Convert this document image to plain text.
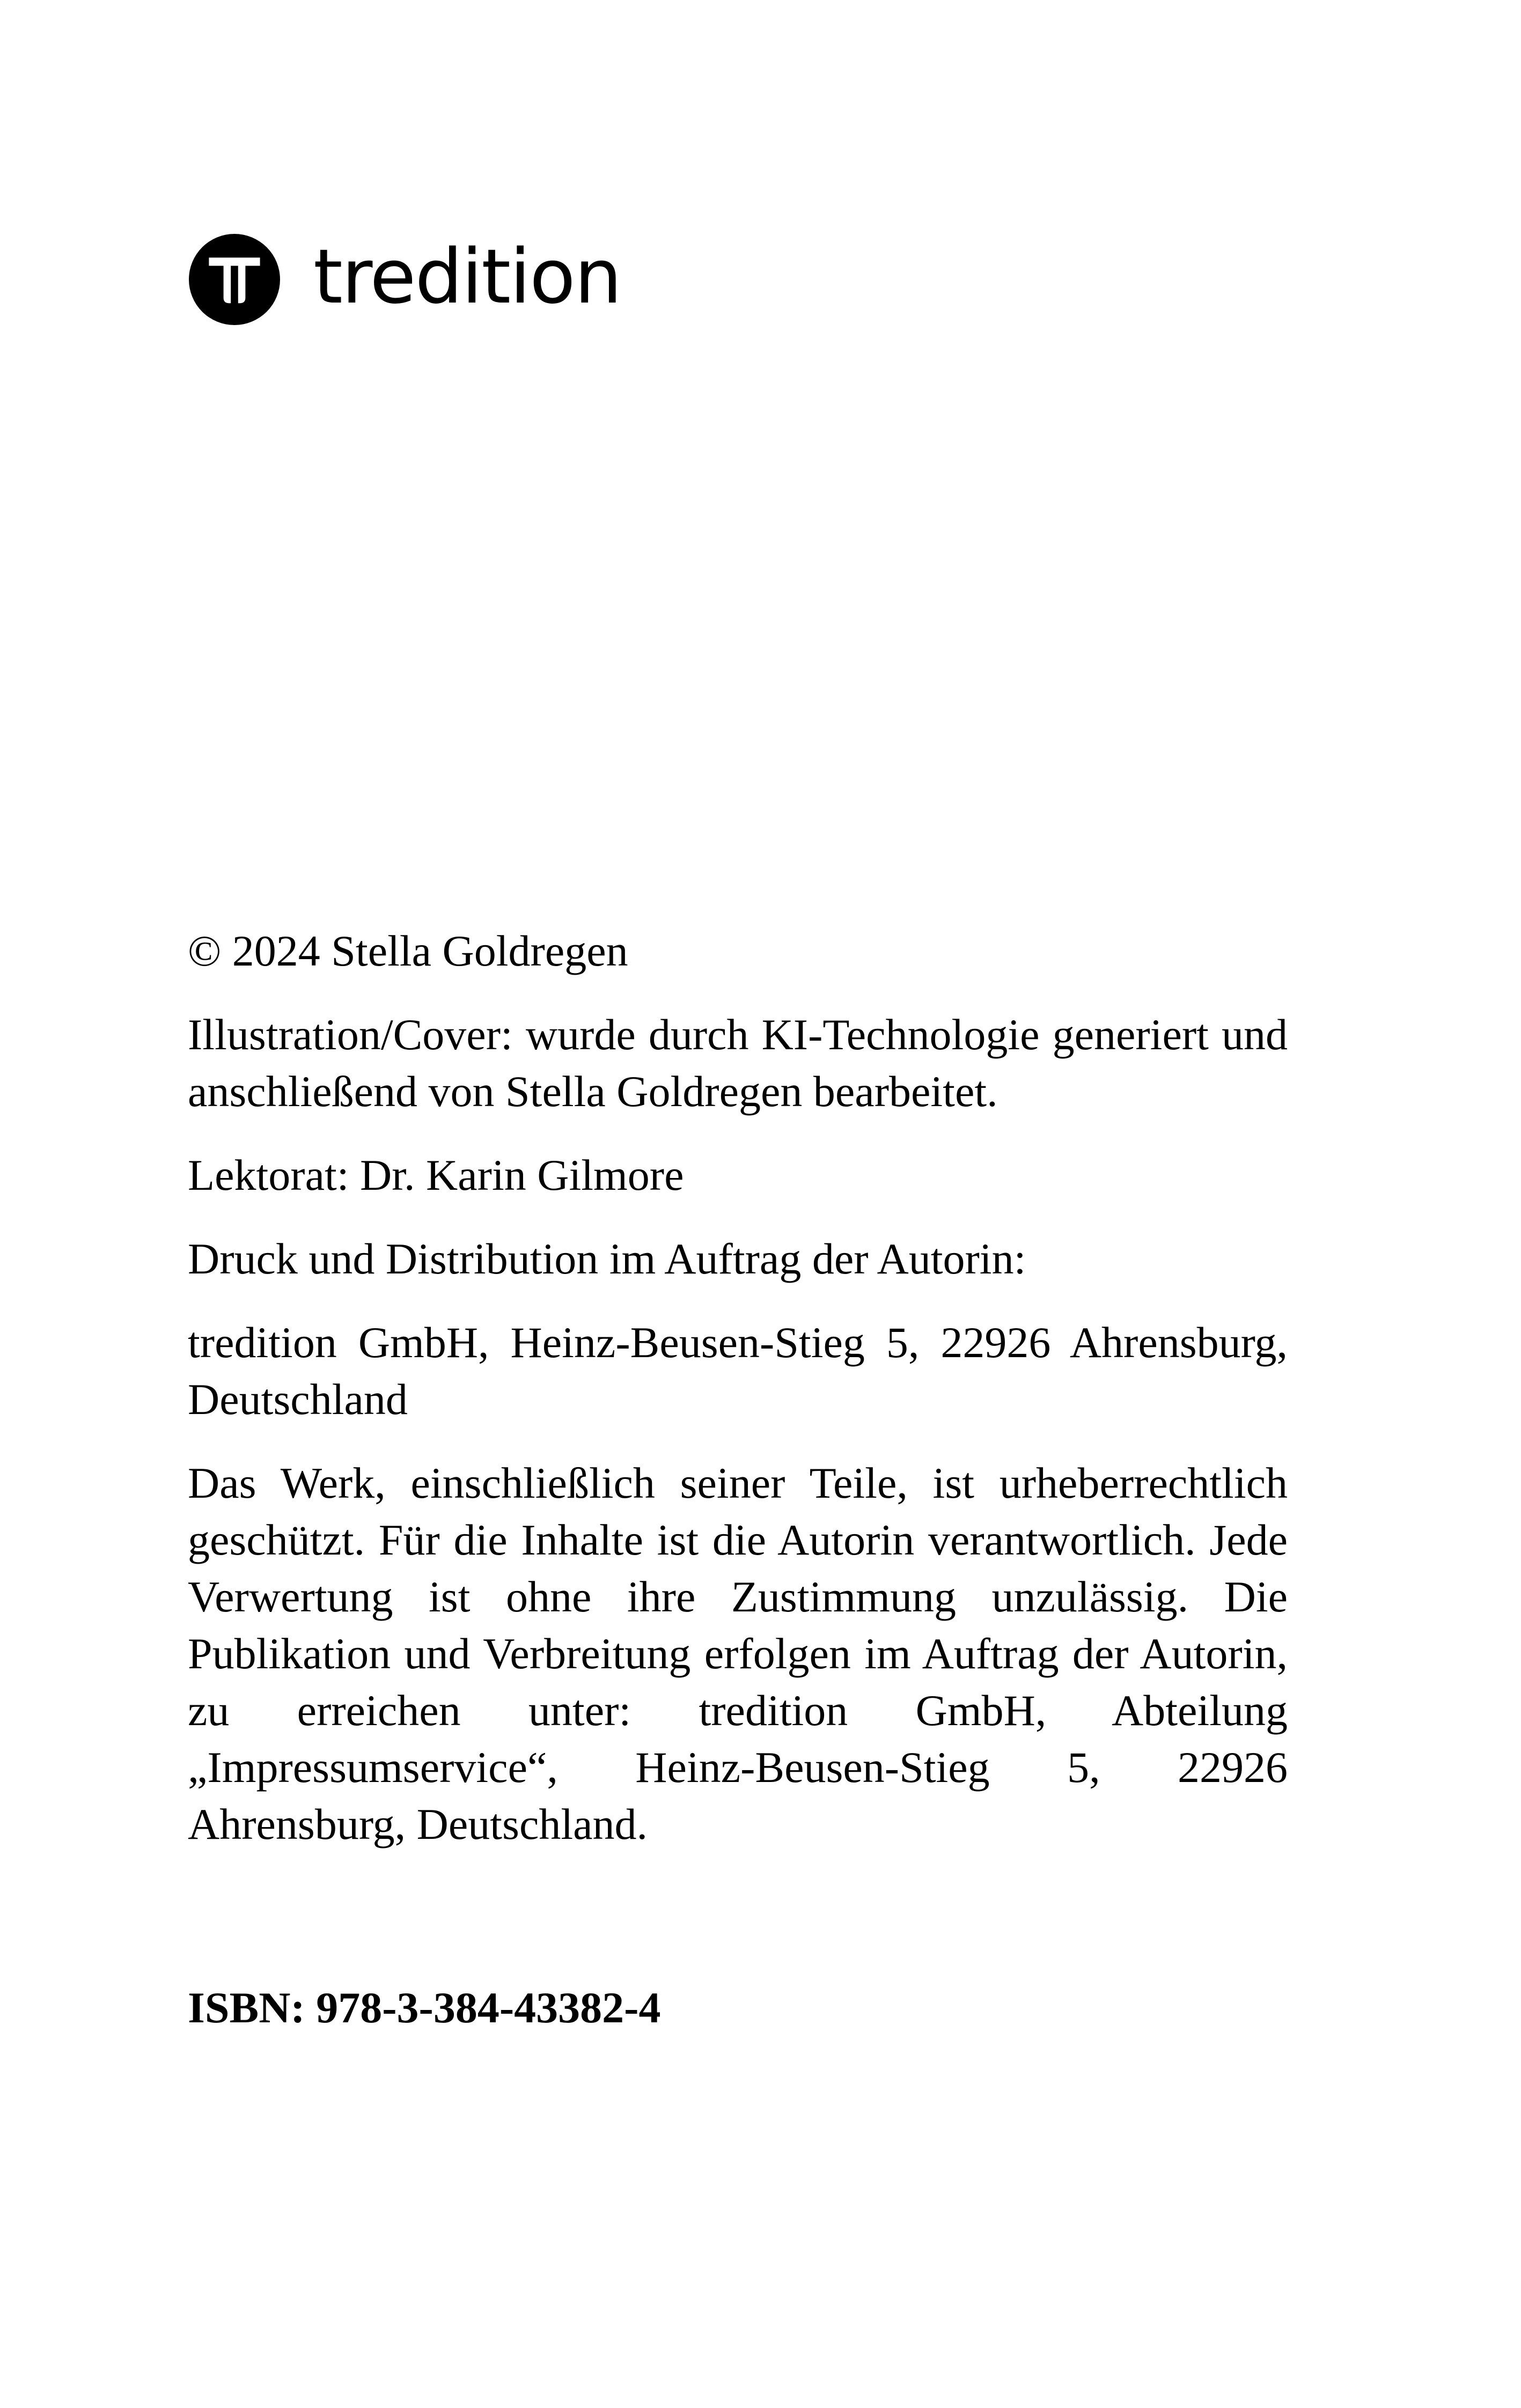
tredition

© 2024 Stella Goldregen

Illustration/Cover: wurde durch KI-Technologie generiert und anschließend von Stella Goldregen bearbeitet.

Lektorat: Dr. Karin Gilmore

Druck und Distribution im Auftrag der Autorin:

tredition GmbH, Heinz-Beusen-Stieg 5, 22926 Ahrensburg, Deutschland

Das Werk, einschließlich seiner Teile, ist urheberrechtlich geschützt. Für die Inhalte ist die Autorin verantwortlich. Jede Verwertung ist ohne ihre Zustimmung unzulässig. Die Publikation und Verbreitung erfolgen im Auftrag der Autorin, zu erreichen unter: tredition GmbH, Abteilung „Impressumservice“, Heinz-Beusen-Stieg 5, 22926 Ahrensburg, Deutschland.

ISBN: 978-3-384-43382-4
